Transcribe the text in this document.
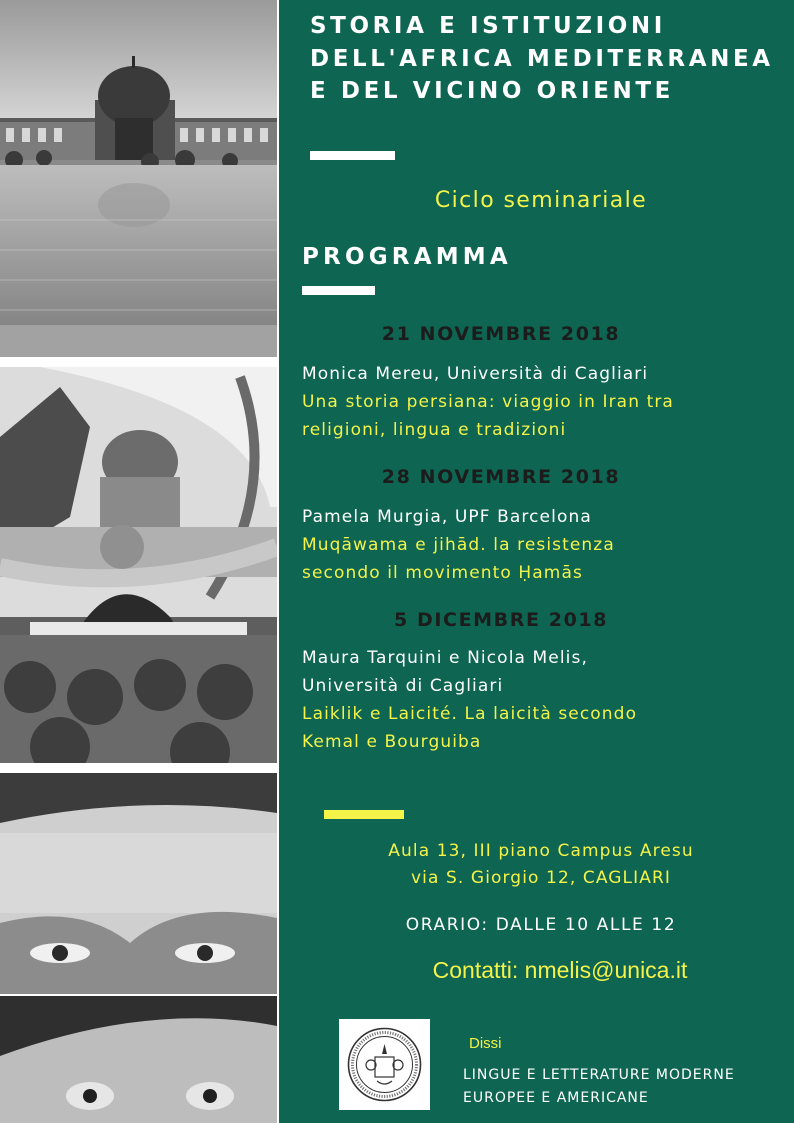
STORIA E ISTITUZIONI DELL'AFRICA MEDITERRANEA E DEL VICINO ORIENTE
Ciclo seminariale
PROGRAMMA
21 NOVEMBRE 2018
Monica Mereu, Università di Cagliari
Una storia persiana: viaggio in Iran tra
religioni, lingua e tradizioni
28 NOVEMBRE 2018
Pamela Murgia, UPF Barcelona
Muqāwama e jihād. la resistenza
secondo il movimento Ḥamās
5 DICEMBRE 2018
Maura Tarquini e Nicola Melis,
Università di Cagliari
Laiklik e Laicité. La laicità secondo
Kemal e Bourguiba
Aula 13, III piano Campus Aresu
via S. Giorgio 12, CAGLIARI
ORARIO: DALLE 10 ALLE 12
Contatti: nmelis@unica.it
Dissi
LINGUE E LETTERATURE MODERNE
EUROPEE E AMERICANE
